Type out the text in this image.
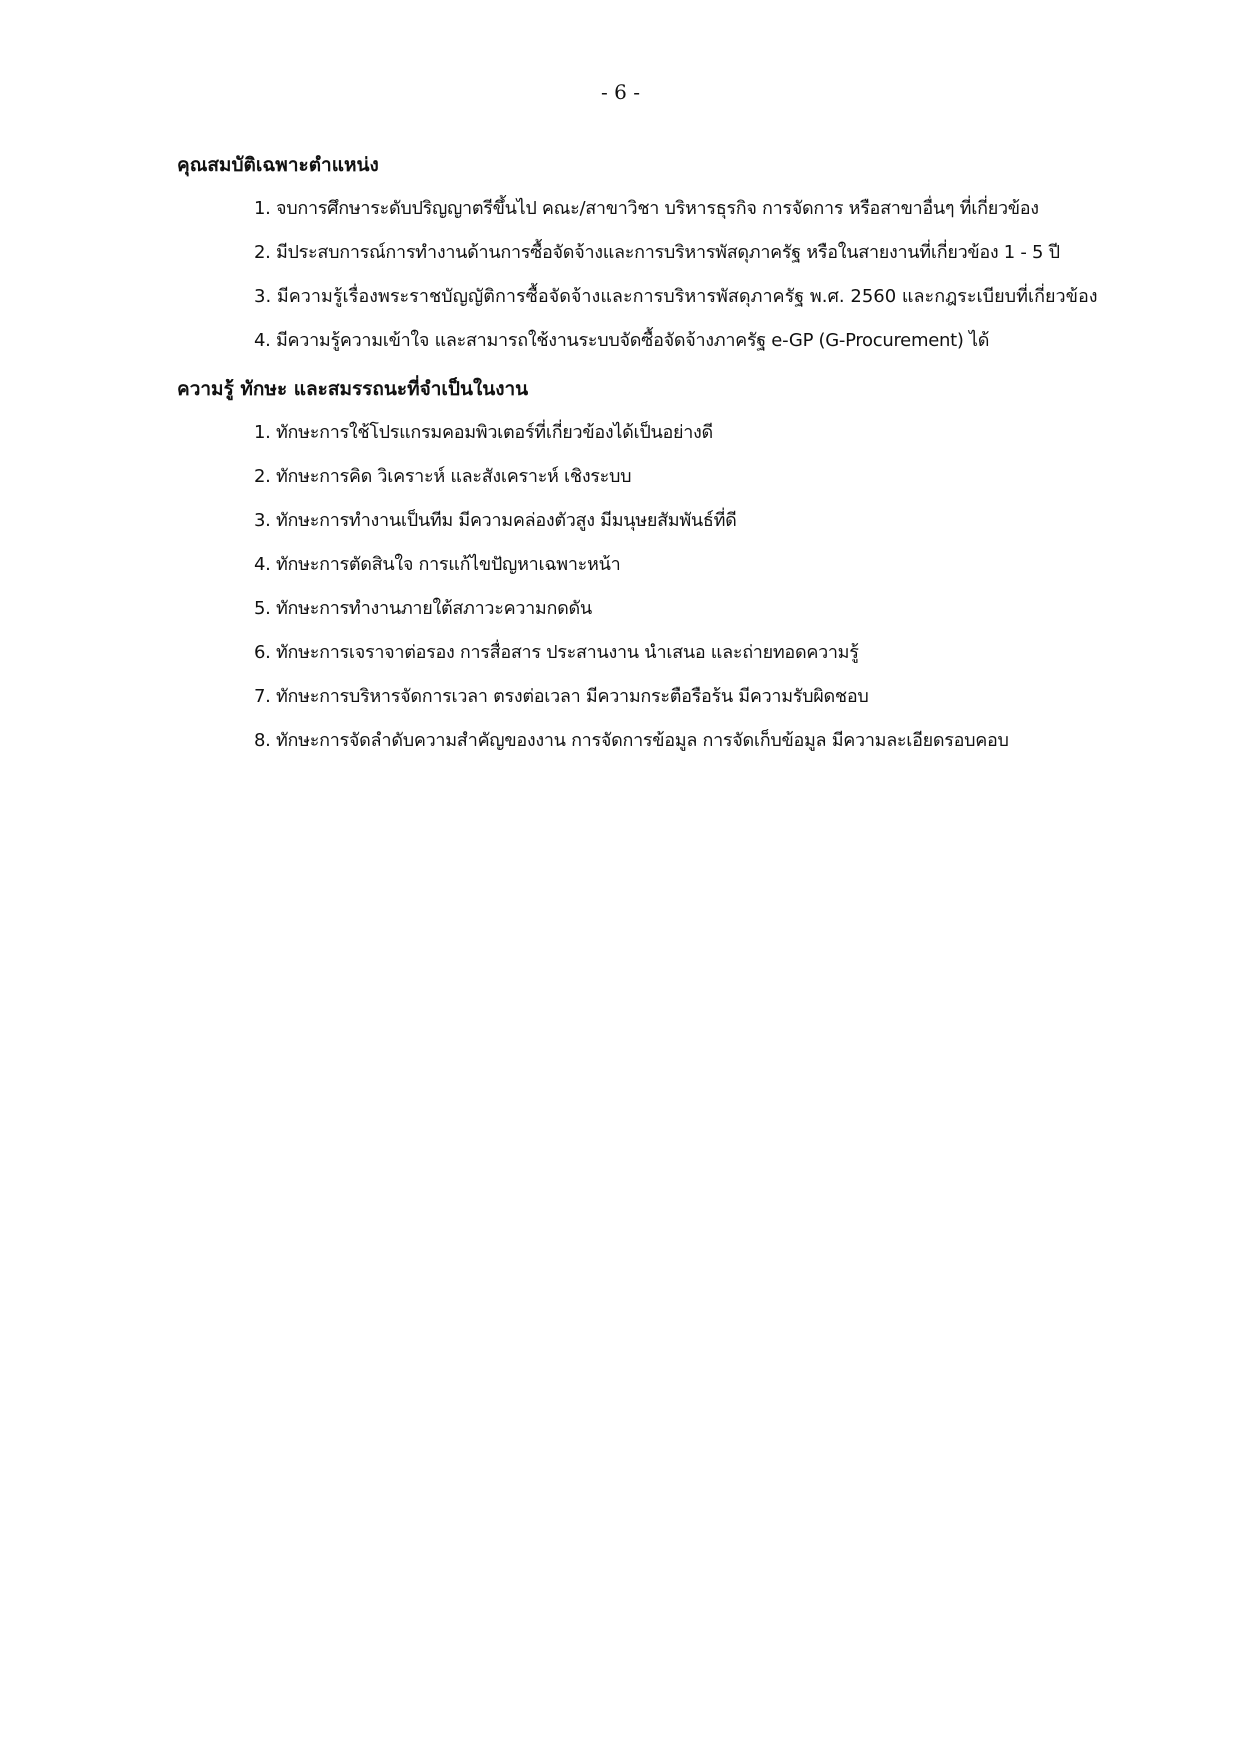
- 6 -
คุณสมบัติเฉพาะตำแหน่ง
1. จบการศึกษาระดับปริญญาตรีขึ้นไป คณะ/สาขาวิชา บริหารธุรกิจ การจัดการ หรือสาขาอื่นๆ ที่เกี่ยวข้อง
2. มีประสบการณ์การทำงานด้านการซื้อจัดจ้างและการบริหารพัสดุภาครัฐ หรือในสายงานที่เกี่ยวข้อง 1 - 5 ปี
3. มีความรู้เรื่องพระราชบัญญัติการซื้อจัดจ้างและการบริหารพัสดุภาครัฐ พ.ศ. 2560 และกฎระเบียบที่เกี่ยวข้อง
4. มีความรู้ความเข้าใจ และสามารถใช้งานระบบจัดซื้อจัดจ้างภาครัฐ e-GP (G-Procurement) ได้
ความรู้ ทักษะ และสมรรถนะที่จำเป็นในงาน
1. ทักษะการใช้โปรแกรมคอมพิวเตอร์ที่เกี่ยวข้องได้เป็นอย่างดี
2. ทักษะการคิด วิเคราะห์ และสังเคราะห์ เชิงระบบ
3. ทักษะการทำงานเป็นทีม มีความคล่องตัวสูง มีมนุษยสัมพันธ์ที่ดี
4. ทักษะการตัดสินใจ การแก้ไขปัญหาเฉพาะหน้า
5. ทักษะการทำงานภายใต้สภาวะความกดดัน
6. ทักษะการเจราจาต่อรอง การสื่อสาร ประสานงาน นำเสนอ และถ่ายทอดความรู้
7. ทักษะการบริหารจัดการเวลา ตรงต่อเวลา มีความกระตือรือร้น มีความรับผิดชอบ
8. ทักษะการจัดลำดับความสำคัญของงาน การจัดการข้อมูล การจัดเก็บข้อมูล มีความละเอียดรอบคอบ
